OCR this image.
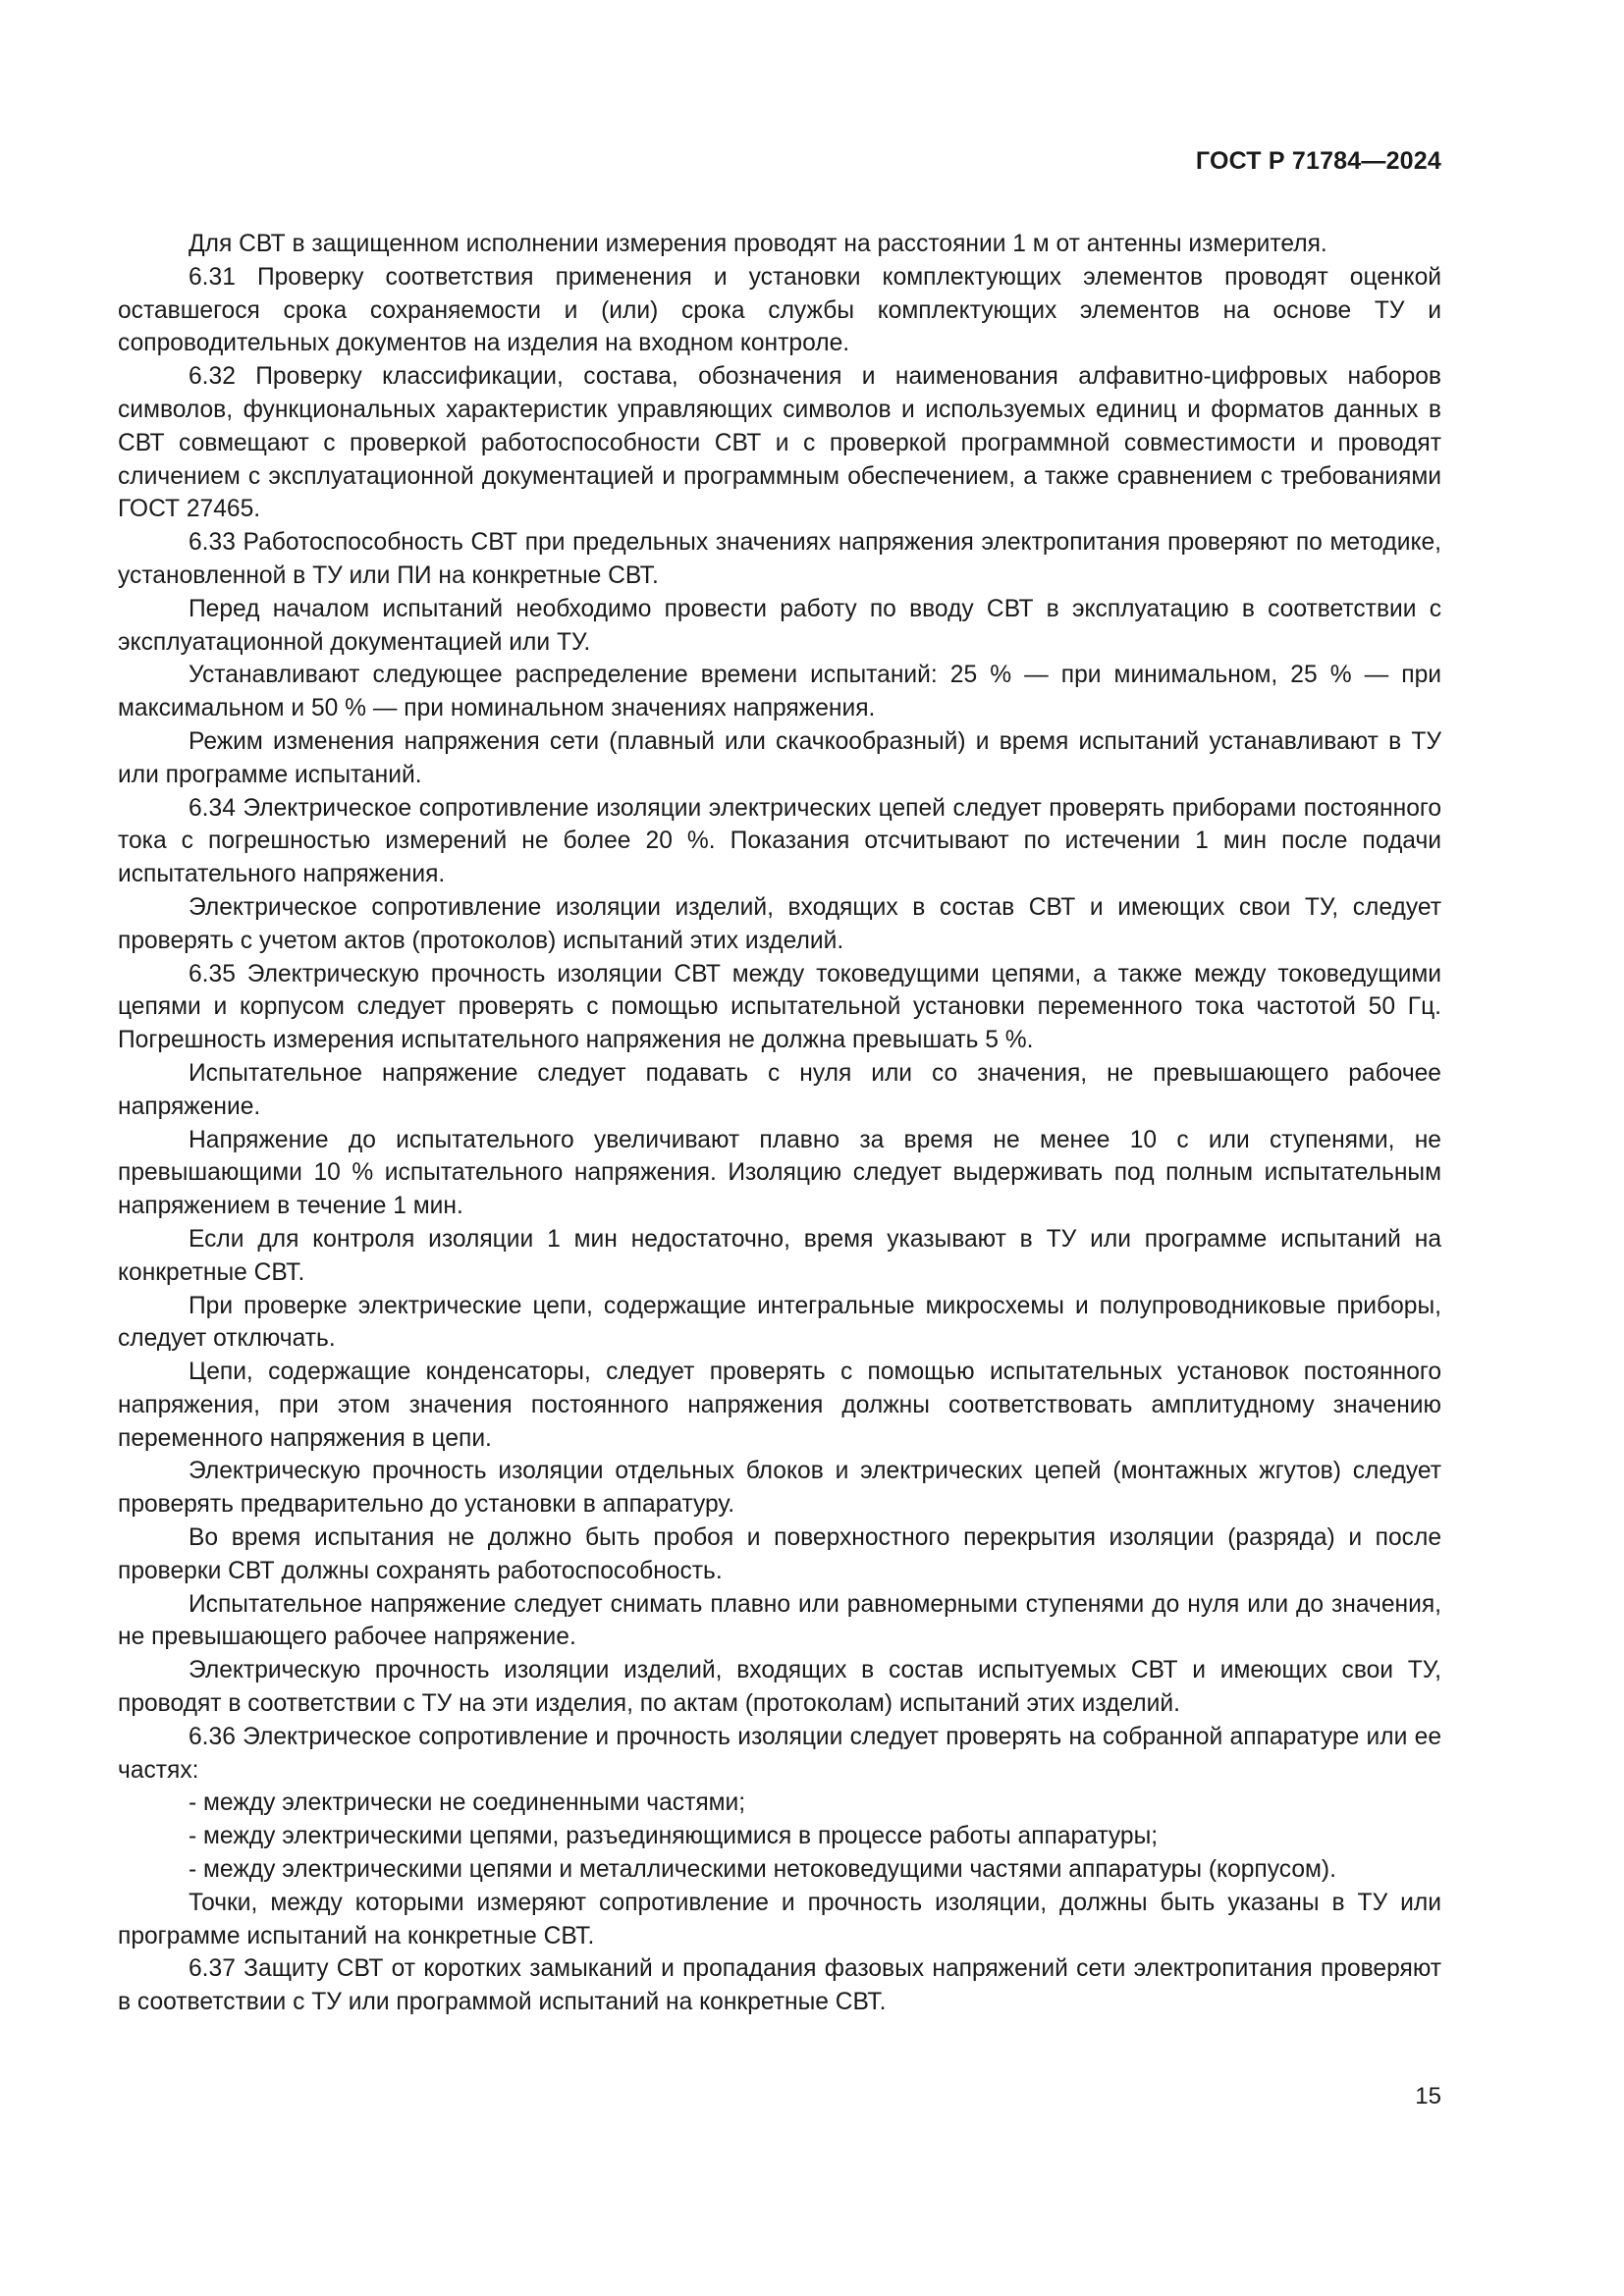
ГОСТ Р 71784—2024

Для СВТ в защищенном исполнении измерения проводят на расстоянии 1 м от антенны измерителя.

6.31 Проверку соответствия применения и установки комплектующих элементов проводят оценкой оставшегося срока сохраняемости и (или) срока службы комплектующих элементов на основе ТУ и сопроводительных документов на изделия на входном контроле.

6.32 Проверку классификации, состава, обозначения и наименования алфавитно-цифровых наборов символов, функциональных характеристик управляющих символов и используемых единиц и форматов данных в СВТ совмещают с проверкой работоспособности СВТ и с проверкой программной совместимости и проводят сличением с эксплуатационной документацией и программным обеспечением, а также сравнением с требованиями ГОСТ 27465.

6.33 Работоспособность СВТ при предельных значениях напряжения электропитания проверяют по методике, установленной в ТУ или ПИ на конкретные СВТ.

Перед началом испытаний необходимо провести работу по вводу СВТ в эксплуатацию в соответствии с эксплуатационной документацией или ТУ.

Устанавливают следующее распределение времени испытаний: 25 % — при минимальном, 25 % — при максимальном и 50 % — при номинальном значениях напряжения.

Режим изменения напряжения сети (плавный или скачкообразный) и время испытаний устанавливают в ТУ или программе испытаний.

6.34 Электрическое сопротивление изоляции электрических цепей следует проверять приборами постоянного тока с погрешностью измерений не более 20 %. Показания отсчитывают по истечении 1 мин после подачи испытательного напряжения.

Электрическое сопротивление изоляции изделий, входящих в состав СВТ и имеющих свои ТУ, следует проверять с учетом актов (протоколов) испытаний этих изделий.

6.35 Электрическую прочность изоляции СВТ между токоведущими цепями, а также между токоведущими цепями и корпусом следует проверять с помощью испытательной установки переменного тока частотой 50 Гц. Погрешность измерения испытательного напряжения не должна превышать 5 %.

Испытательное напряжение следует подавать с нуля или со значения, не превышающего рабочее напряжение.

Напряжение до испытательного увеличивают плавно за время не менее 10 с или ступенями, не превышающими 10 % испытательного напряжения. Изоляцию следует выдерживать под полным испытательным напряжением в течение 1 мин.

Если для контроля изоляции 1 мин недостаточно, время указывают в ТУ или программе испытаний на конкретные СВТ.

При проверке электрические цепи, содержащие интегральные микросхемы и полупроводниковые приборы, следует отключать.

Цепи, содержащие конденсаторы, следует проверять с помощью испытательных установок постоянного напряжения, при этом значения постоянного напряжения должны соответствовать амплитудному значению переменного напряжения в цепи.

Электрическую прочность изоляции отдельных блоков и электрических цепей (монтажных жгутов) следует проверять предварительно до установки в аппаратуру.

Во время испытания не должно быть пробоя и поверхностного перекрытия изоляции (разряда) и после проверки СВТ должны сохранять работоспособность.

Испытательное напряжение следует снимать плавно или равномерными ступенями до нуля или до значения, не превышающего рабочее напряжение.

Электрическую прочность изоляции изделий, входящих в состав испытуемых СВТ и имеющих свои ТУ, проводят в соответствии с ТУ на эти изделия, по актам (протоколам) испытаний этих изделий.

6.36 Электрическое сопротивление и прочность изоляции следует проверять на собранной аппаратуре или ее частях:

- между электрически не соединенными частями;

- между электрическими цепями, разъединяющимися в процессе работы аппаратуры;

- между электрическими цепями и металлическими нетоковедущими частями аппаратуры (корпусом).

Точки, между которыми измеряют сопротивление и прочность изоляции, должны быть указаны в ТУ или программе испытаний на конкретные СВТ.

6.37 Защиту СВТ от коротких замыканий и пропадания фазовых напряжений сети электропитания проверяют в соответствии с ТУ или программой испытаний на конкретные СВТ.

15
